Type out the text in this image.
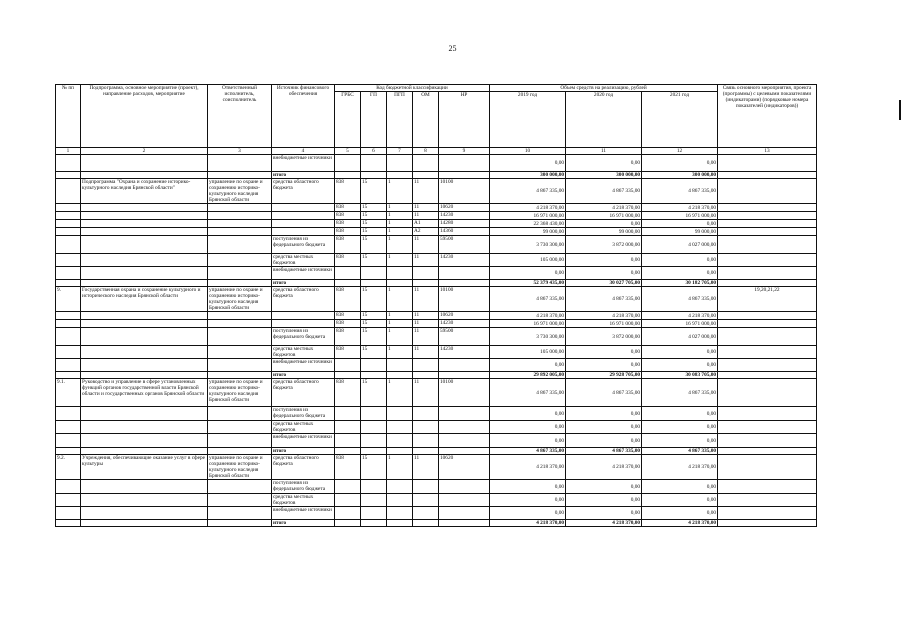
25
№ пп	Подпрограмма, основное мероприятие (проект), направление расходов, мероприятие	Ответственный исполнитель, соисполнитель	Источник финансового обеспечения	Код бюджетной классификации					Объем средств на реализацию, рублей			Связь основного мероприятия, проекта (программы) с целевыми показателями (индикаторами) (порядковые номера показателей (индикаторов))
				ГРБС	ГП	ПГП	ОМ	НР	2019 год	2020 год	2021 год	
1	2	3	4	5	6	7	8	9	10	11	12	13
			внебюджетные источники						0,00	0,00	0,00	
			итого						300 000,00	300 000,00	300 000,00	
	Подпрограмма "Охрана и сохранение историко-культурного наследия Брянской области"	управление по охране и сохранению историко-культурного наследия Брянской области	средства областного бюджета	838	15	1	11	10100	4 867 335,00	4 867 335,00	4 867 335,00	
				838	15	1	11	10620	4 218 370,00	4 218 370,00	4 218 370,00	
				838	15	1	11	14230	16 971 000,00	16 971 000,00	16 971 000,00	
				838	15	1	A1	14280	22 368 430,00	0,00	0,00	
				838	15	1	A2	14360	99 000,00	99 000,00	99 000,00	
			поступления из федерального бюджета	838	15	1	11	59500	3 730 300,00	3 872 000,00	4 027 000,00	
			средства местных бюджетов	838	15	1	11	14230	105 000,00	0,00	0,00	
			внебюджетные источники						0,00	0,00	0,00	
			итого						52 379 435,00	30 027 705,00	30 182 705,00	
9.	Государственная охрана и сохранение культурного и исторического наследия Брянской области	управление по охране и сохранению историко-культурного наследия Брянской области	средства областного бюджета	838	15	1	11	10100	4 867 335,00	4 867 335,00	4 867 335,00	19,20,21,22
				838	15	1	11	10620	4 218 370,00	4 218 370,00	4 218 370,00	
				838	15	1	11	14230	16 971 000,00	16 971 000,00	16 971 000,00	
			поступления из федерального бюджета	838	15	1	11	59500	3 730 300,00	3 872 000,00	4 027 000,00	
			средства местных бюджетов	838	15	1	11	14230	105 000,00	0,00	0,00	
			внебюджетные источники						0,00	0,00	0,00	
			итого						29 892 005,00	29 928 705,00	30 083 705,00	
9.1.	Руководство и управление в сфере установленных функций органов государственной власти Брянской области и государственных органов Брянской области	управление по охране и сохранению историко-культурного наследия Брянской области	средства областного бюджета	838	15	1	11	10100	4 867 335,00	4 867 335,00	4 867 335,00	
			поступления из федерального бюджета						0,00	0,00	0,00	
			средства местных бюджетов						0,00	0,00	0,00	
			внебюджетные источники						0,00	0,00	0,00	
			итого						4 867 335,00	4 867 335,00	4 867 335,00	
9.2.	Учреждения, обеспечивающие оказание услуг в сфере культуры	управление по охране и сохранению историко-культурного наследия Брянской области	средства областного бюджета	838	15	1	11	10620	4 218 370,00	4 218 370,00	4 218 370,00	
			поступления из федерального бюджета						0,00	0,00	0,00	
			средства местных бюджетов						0,00	0,00	0,00	
			внебюджетные источники						0,00	0,00	0,00	
			итого						4 218 370,00	4 218 370,00	4 218 370,00	
